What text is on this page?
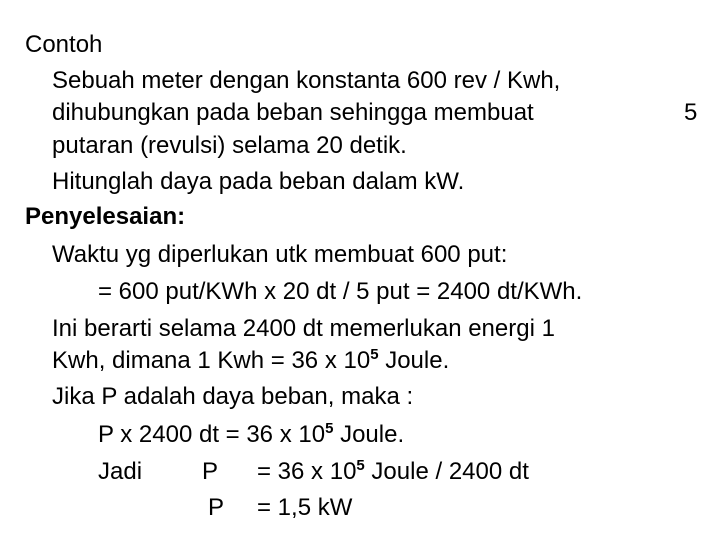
Contoh
Sebuah meter dengan konstanta 600 rev / Kwh,
dihubungkan pada beban sehingga membuat	5
putaran (revulsi) selama 20 detik.
Hitunglah daya pada beban dalam kW.
Penyelesaian:
Waktu yg diperlukan utk membuat 600 put:
= 600 put/KWh x 20 dt / 5 put = 2400 dt/KWh.
Ini berarti selama 2400 dt memerlukan energi 1
Kwh, dimana 1 Kwh = 36 x $10^5$ Joule.
Jika P adalah daya beban, maka :
P x 2400 dt = 36 x $10^5$ Joule.
Jadi P = 36 x $10^5$ Joule / 2400 dt
P = 1,5 kW
